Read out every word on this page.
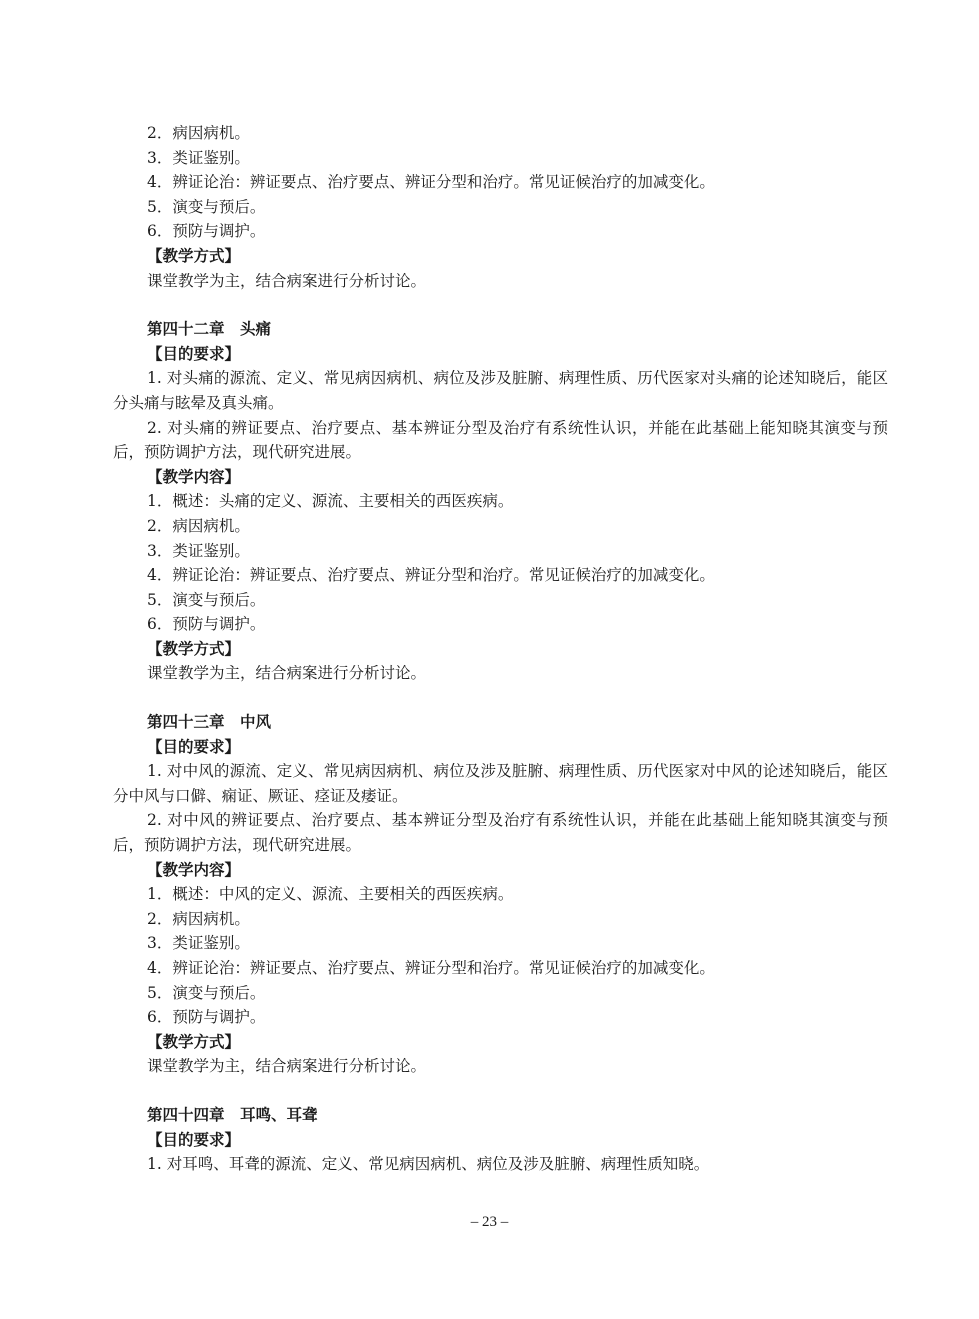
2．病因病机。
3．类证鉴别。
4．辨证论治：辨证要点、治疗要点、辨证分型和治疗。常见证候治疗的加减变化。
5．演变与预后。
6．预防与调护。
【教学方式】
课堂教学为主，结合病案进行分析讨论。
第四十二章　头痛
【目的要求】
1. 对头痛的源流、定义、常见病因病机、病位及涉及脏腑、病理性质、历代医家对头痛的论述知晓后，能区分头痛与眩晕及真头痛。
2. 对头痛的辨证要点、治疗要点、基本辨证分型及治疗有系统性认识，并能在此基础上能知晓其演变与预后，预防调护方法，现代研究进展。
【教学内容】
1．概述：头痛的定义、源流、主要相关的西医疾病。
2．病因病机。
3．类证鉴别。
4．辨证论治：辨证要点、治疗要点、辨证分型和治疗。常见证候治疗的加减变化。
5．演变与预后。
6．预防与调护。
【教学方式】
课堂教学为主，结合病案进行分析讨论。
第四十三章　中风
【目的要求】
1. 对中风的源流、定义、常见病因病机、病位及涉及脏腑、病理性质、历代医家对中风的论述知晓后，能区分中风与口僻、痫证、厥证、痉证及痿证。
2. 对中风的辨证要点、治疗要点、基本辨证分型及治疗有系统性认识，并能在此基础上能知晓其演变与预后，预防调护方法，现代研究进展。
【教学内容】
1．概述：中风的定义、源流、主要相关的西医疾病。
2．病因病机。
3．类证鉴别。
4．辨证论治：辨证要点、治疗要点、辨证分型和治疗。常见证候治疗的加减变化。
5．演变与预后。
6．预防与调护。
【教学方式】
课堂教学为主，结合病案进行分析讨论。
第四十四章　耳鸣、耳聋
【目的要求】
1. 对耳鸣、耳聋的源流、定义、常见病因病机、病位及涉及脏腑、病理性质知晓。
– 23 –
